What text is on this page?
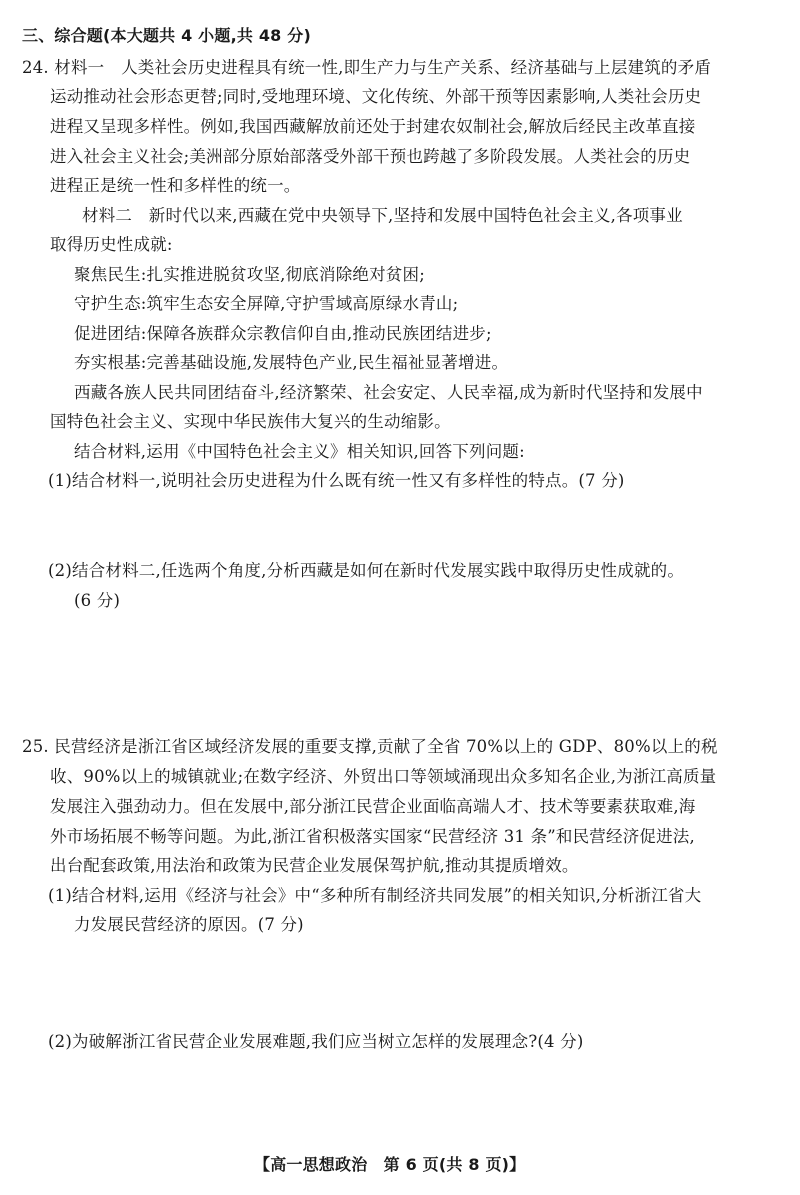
三、综合题(本大题共 4 小题,共 48 分)
24. 材料一　人类社会历史进程具有统一性,即生产力与生产关系、经济基础与上层建筑的矛盾
运动推动社会形态更替;同时,受地理环境、文化传统、外部干预等因素影响,人类社会历史
进程又呈现多样性。例如,我国西藏解放前还处于封建农奴制社会,解放后经民主改革直接
进入社会主义社会;美洲部分原始部落受外部干预也跨越了多阶段发展。人类社会的历史
进程正是统一性和多样性的统一。
材料二　新时代以来,西藏在党中央领导下,坚持和发展中国特色社会主义,各项事业
取得历史性成就:
聚焦民生:扎实推进脱贫攻坚,彻底消除绝对贫困;
守护生态:筑牢生态安全屏障,守护雪域高原绿水青山;
促进团结:保障各族群众宗教信仰自由,推动民族团结进步;
夯实根基:完善基础设施,发展特色产业,民生福祉显著增进。
西藏各族人民共同团结奋斗,经济繁荣、社会安定、人民幸福,成为新时代坚持和发展中
国特色社会主义、实现中华民族伟大复兴的生动缩影。
结合材料,运用《中国特色社会主义》相关知识,回答下列问题:
(1)结合材料一,说明社会历史进程为什么既有统一性又有多样性的特点。(7 分)
(2)结合材料二,任选两个角度,分析西藏是如何在新时代发展实践中取得历史性成就的。
(6 分)
25. 民营经济是浙江省区域经济发展的重要支撑,贡献了全省 70%以上的 GDP、80%以上的税
收、90%以上的城镇就业;在数字经济、外贸出口等领域涌现出众多知名企业,为浙江高质量
发展注入强劲动力。但在发展中,部分浙江民营企业面临高端人才、技术等要素获取难,海
外市场拓展不畅等问题。为此,浙江省积极落实国家“民营经济 31 条”和民营经济促进法,
出台配套政策,用法治和政策为民营企业发展保驾护航,推动其提质增效。
(1)结合材料,运用《经济与社会》中“多种所有制经济共同发展”的相关知识,分析浙江省大
力发展民营经济的原因。(7 分)
(2)为破解浙江省民营企业发展难题,我们应当树立怎样的发展理念?(4 分)
【高一思想政治　第 6 页(共 8 页)】
